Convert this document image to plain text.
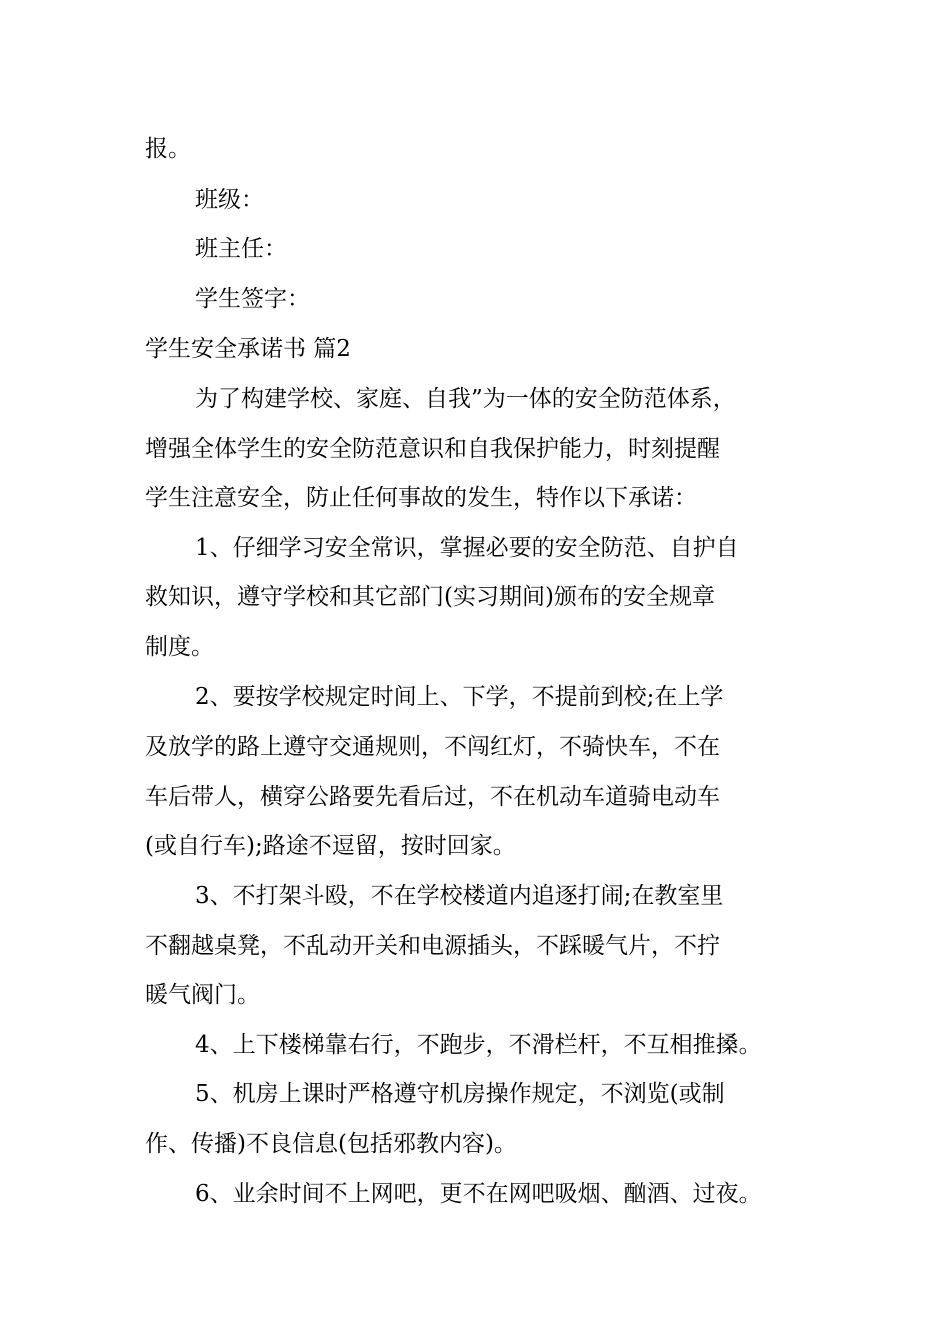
报。
班级：
班主任：
学生签字：
学生安全承诺书 篇2
为了构建学校、家庭、自我”为一体的安全防范体系，
增强全体学生的安全防范意识和自我保护能力，时刻提醒
学生注意安全，防止任何事故的发生，特作以下承诺：
1、仔细学习安全常识，掌握必要的安全防范、自护自
救知识，遵守学校和其它部门(实习期间)颁布的安全规章
制度。
2、要按学校规定时间上、下学，不提前到校;在上学
及放学的路上遵守交通规则，不闯红灯，不骑快车，不在
车后带人，横穿公路要先看后过，不在机动车道骑电动车
(或自行车);路途不逗留，按时回家。
3、不打架斗殴，不在学校楼道内追逐打闹;在教室里
不翻越桌凳，不乱动开关和电源插头，不踩暖气片，不拧
暖气阀门。
4、上下楼梯靠右行，不跑步，不滑栏杆，不互相推搡。
5、机房上课时严格遵守机房操作规定，不浏览(或制
作、传播)不良信息(包括邪教内容)。
6、业余时间不上网吧，更不在网吧吸烟、酗酒、过夜。
